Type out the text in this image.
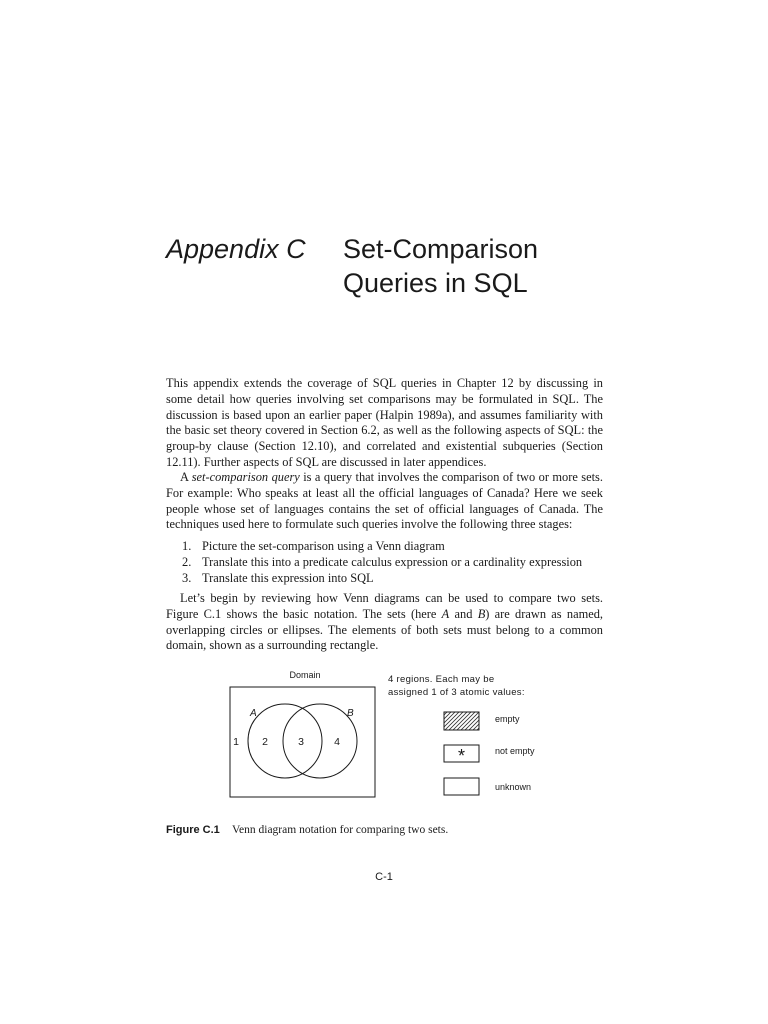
Appendix C Set-Comparison
Queries in SQL

This appendix extends the coverage of SQL queries in Chapter 12 by discussing in some detail how queries involving set comparisons may be formulated in SQL. The discussion is based upon an earlier paper (Halpin 1989a), and assumes familiarity with the basic set theory covered in Section 6.2, as well as the following aspects of SQL: the group-by clause (Section 12.10), and correlated and existential subqueries (Section 12.11). Further aspects of SQL are discussed in later appendices.

A set-comparison query is a query that involves the comparison of two or more sets. For example: Who speaks at least all the official languages of Canada? Here we seek people whose set of languages contains the set of official languages of Canada. The techniques used here to formulate such queries involve the following three stages:

1. Picture the set-comparison using a Venn diagram
2. Translate this into a predicate calculus expression or a cardinality expression
3. Translate this expression into SQL

Let’s begin by reviewing how Venn diagrams can be used to compare two sets. Figure C.1 shows the basic notation. The sets (here A and B) are drawn as named, overlapping circles or ellipses. The elements of both sets must belong to a common domain, shown as a surrounding rectangle.

Domain
A	B
1 2	3	4
*
4 regions. Each may be
assigned 1 of 3 atomic values:
empty
not empty
unknown
Figure C.1 Venn diagram notation for comparing two sets.
C-1
